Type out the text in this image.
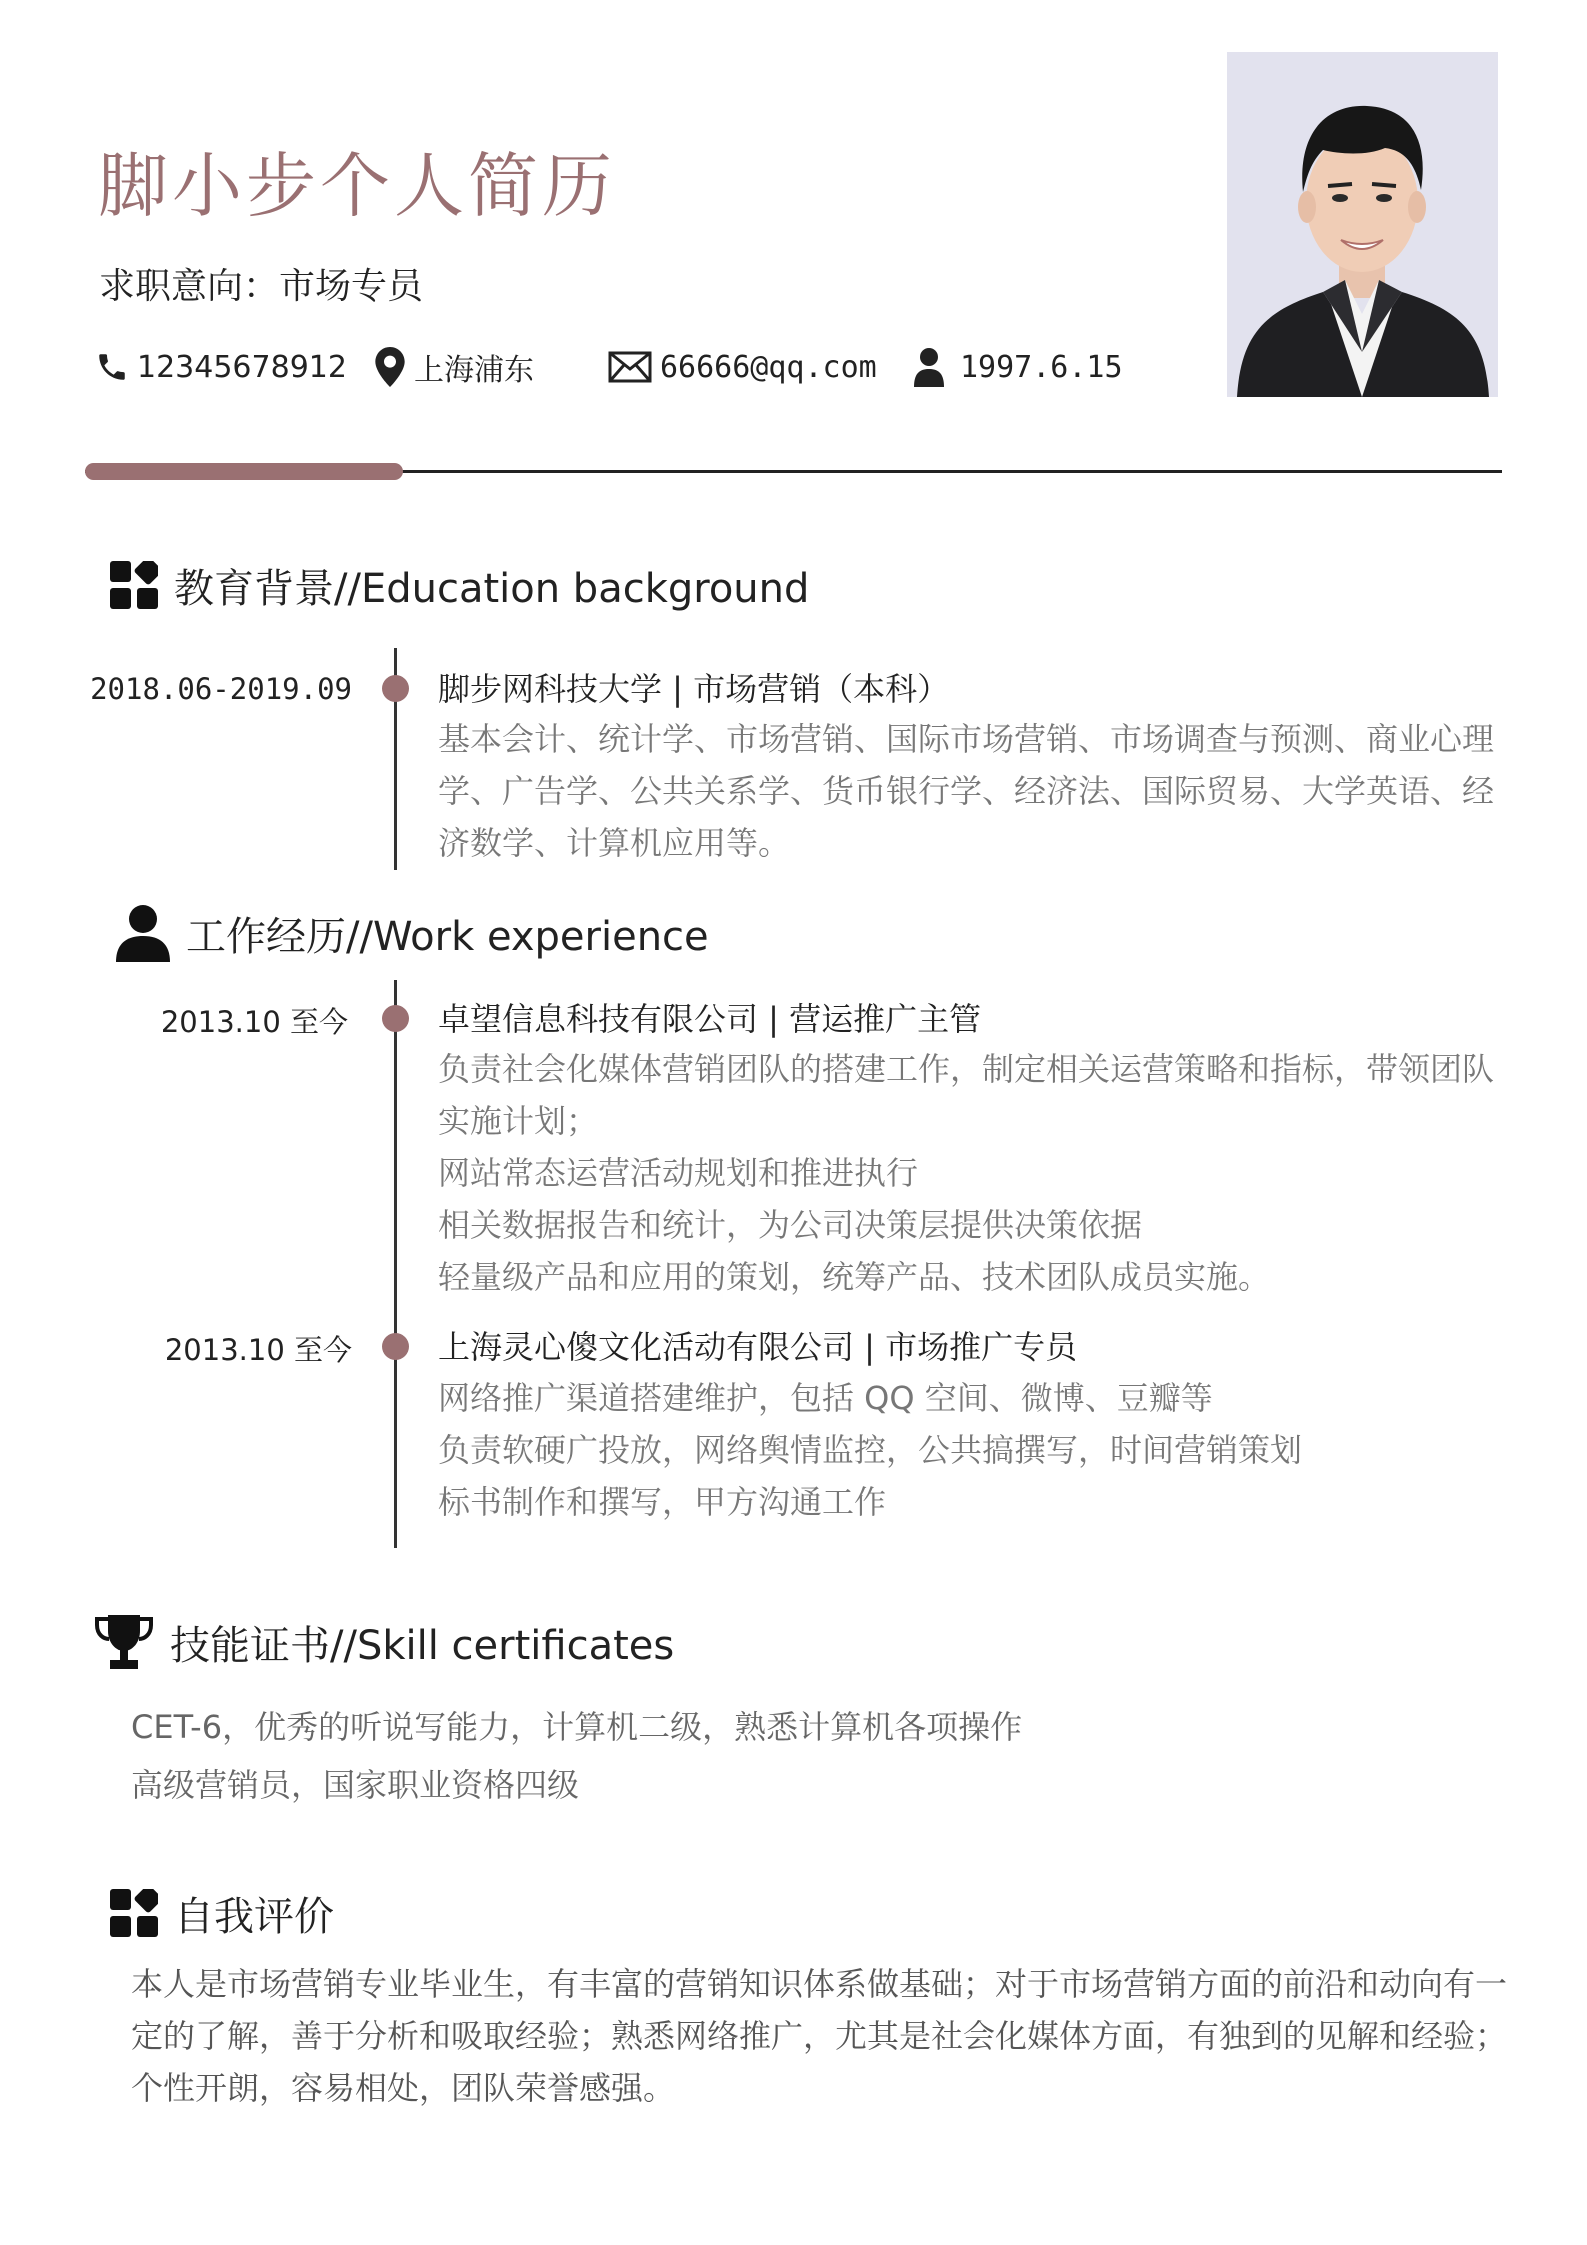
脚小步个人简历
求职意向：市场专员
12345678912 上海浦东	66666@qq.com	1997.6.15
教育背景//Education background
2018.06-2019.09	脚步网科技大学 | 市场营销（本科）

基本会计、统计学、市场营销、国际市场营销、市场调查与预测、商业心理学、广告学、公共关系学、货币银行学、经济法、国际贸易、大学英语、经济数学、计算机应用等。

工作经历//Work experience
2013.10 至今	卓望信息科技有限公司 | 营运推广主管

负责社会化媒体营销团队的搭建工作，制定相关运营策略和指标，带领团队实施计划；

网站常态运营活动规划和推进执行

相关数据报告和统计，为公司决策层提供决策依据

轻量级产品和应用的策划，统筹产品、技术团队成员实施。

2013.10 至今	上海灵心傻文化活动有限公司 | 市场推广专员

网络推广渠道搭建维护，包括 QQ 空间、微博、豆瓣等

负责软硬广投放，网络舆情监控，公共搞撰写，时间营销策划

标书制作和撰写，甲方沟通工作

技能证书//Skill certificates

CET-6，优秀的听说写能力，计算机二级，熟悉计算机各项操作

高级营销员，国家职业资格四级

自我评价
本人是市场营销专业毕业生，有丰富的营销知识体系做基础；对于市场营销方面的前沿和动向有一定的了解，善于分析和吸取经验；熟悉网络推广，尤其是社会化媒体方面，有独到的见解和经验；个性开朗，容易相处，团队荣誉感强。
